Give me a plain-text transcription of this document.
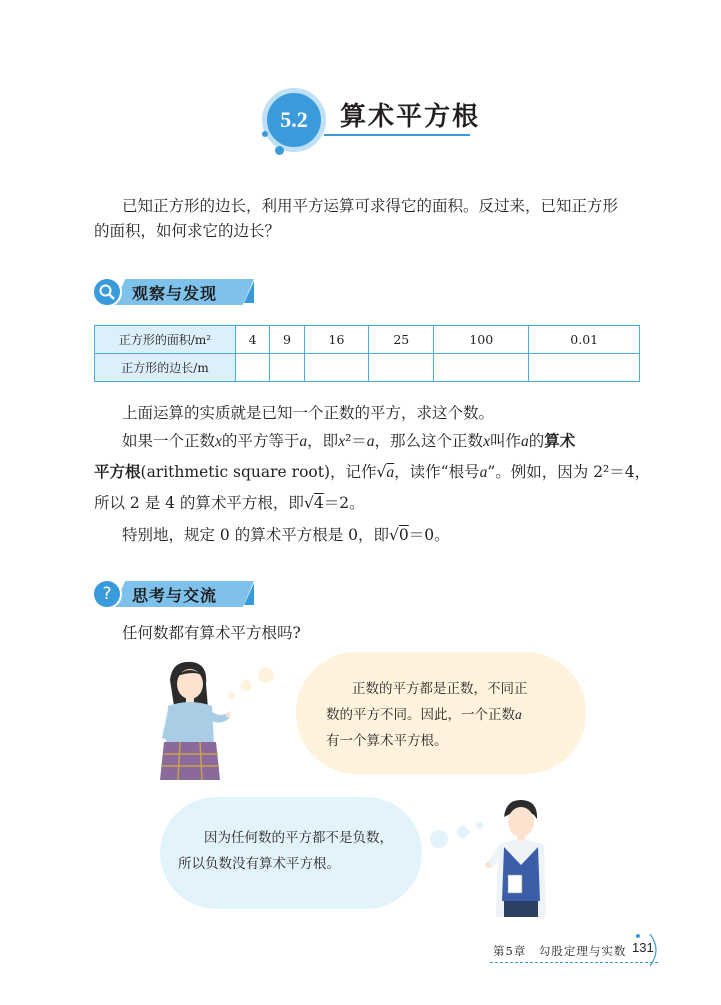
5.2 算术平方根
已知正方形的边长，利用平方运算可求得它的面积。反过来，已知正方形
的面积，如何求它的边长？
观察与发现
正方形的面积/m²	4	9	16	25	100	0.01
正方形的边长/m						
上面运算的实质就是已知一个正数的平方，求这个数。
如果一个正数x的平方等于a，即x²＝a，那么这个正数x叫作a的算术
平方根(arithmetic square root)，记作√a，读作“根号a”。例如，因为 2²＝4，
所以 2 是 4 的算术平方根，即√4＝2。
特别地，规定 0 的算术平方根是 0，即√0＝0。
?	思考与交流
任何数都有算术平方根吗?
正数的平方都是正数，不同正
数的平方不同。因此，一个正数a
有一个算术平方根。
因为任何数的平方都不是负数，
所以负数没有算术平方根。
第5章　勾股定理与实数 131
